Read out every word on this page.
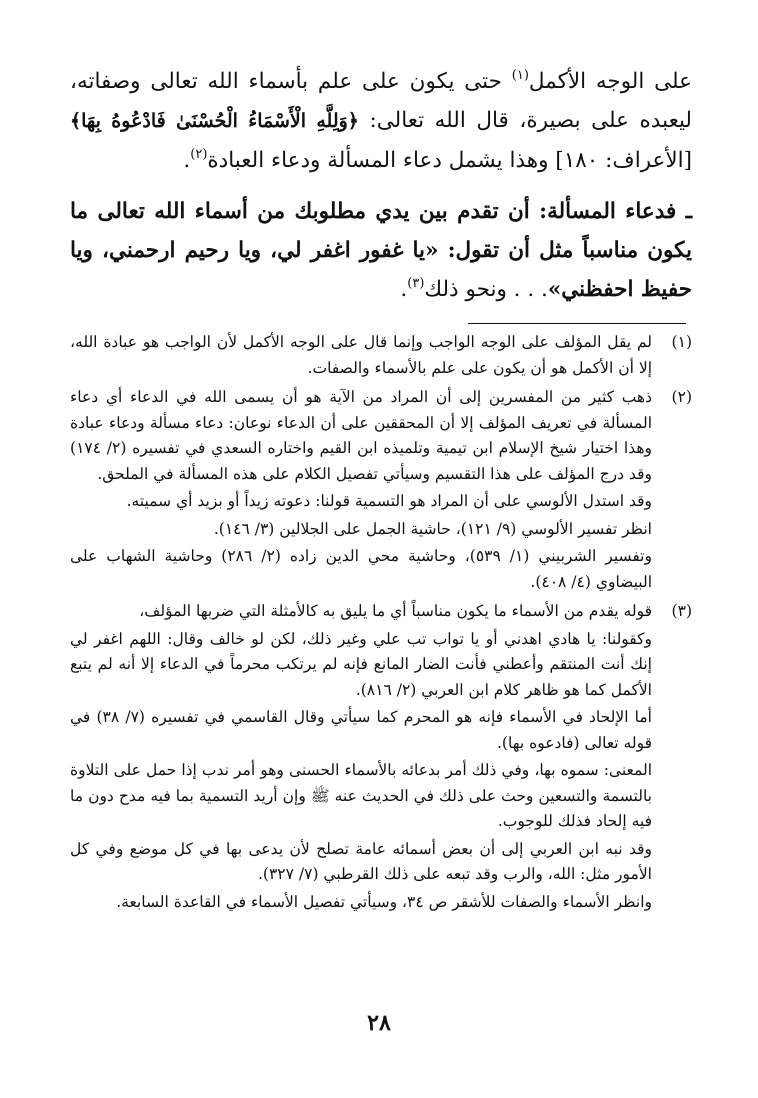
على الوجه الأكمل$^{(١)}$ حتى يكون على علم بأسماء الله تعالى وصفاته، ليعبده على بصيرة، قال الله تعالى: ﴿وَلِلَّهِ الْأَسْمَاءُ الْحُسْنَىٰ فَادْعُوهُ بِهَا﴾ [الأعراف: ١٨٠] وهذا يشمل دعاء المسألة ودعاء العبادة$^{(٢)}$.

ـ فدعاء المسألة: أن تقدم بين يدي مطلوبك من أسماء الله تعالى ما يكون مناسباً مثل أن تقول: «يا غفور اغفر لي، ويا رحيم ارحمني، ويا حفيظ احفظني». . . ونحو ذلك$^{(٣)}$.

(١)

لم يقل المؤلف على الوجه الواجب وإنما قال على الوجه الأكمل لأن الواجب هو عبادة الله، إلا أن الأكمل هو أن يكون على علم بالأسماء والصفات.

(٢)

ذهب كثير من المفسرين إلى أن المراد من الآية هو أن يسمى الله في الدعاء أي دعاء المسألة في تعريف المؤلف إلا أن المحققين على أن الدعاء نوعان: دعاء مسألة ودعاء عبادة وهذا اختيار شيخ الإسلام ابن تيمية وتلميذه ابن القيم واختاره السعدي في تفسيره (٢/ ١٧٤) وقد درج المؤلف على هذا التقسيم وسيأتي تفصيل الكلام على هذه المسألة في الملحق.

وقد استدل الألوسي على أن المراد هو التسمية قولنا: دعوته زيداً أو بزيد أي سميته.

انظر تفسير الألوسي (٩/ ١٢١)، حاشية الجمل على الجلالين (٣/ ١٤٦).

وتفسير الشربيني (١/ ٥٣٩)، وحاشية محي الدين زاده (٢/ ٢٨٦) وحاشية الشهاب على البيضاوي (٤/ ٤٠٨).

(٣)

قوله يقدم من الأسماء ما يكون مناسباً أي ما يليق به كالأمثلة التي ضربها المؤلف،

وكقولنا: يا هادي اهدني أو يا تواب تب علي وغير ذلك، لكن لو خالف وقال: اللهم اغفر لي إنك أنت المنتقم وأعطني فأنت الضار المانع فإنه لم يرتكب محرماً في الدعاء إلا أنه لم يتبع الأكمل كما هو ظاهر كلام ابن العربي (٢/ ٨١٦).

أما الإلحاد في الأسماء فإنه هو المحرم كما سيأتي وقال القاسمي في تفسيره (٧/ ٣٨) في قوله تعالى (فادعوه بها).

المعنى: سموه بها، وفي ذلك أمر بدعائه بالأسماء الحسنى وهو أمر ندب إذا حمل على التلاوة بالتسمة والتسعين وحث على ذلك في الحديث عنه ﷺ وإن أريد التسمية بما فيه مدح دون ما فيه إلحاد فذلك للوجوب.

وقد نبه ابن العربي إلى أن بعض أسمائه عامة تصلح لأن يدعى بها في كل موضع وفي كل الأمور مثل: الله، والرب وقد تبعه على ذلك القرطبي (٧/ ٣٢٧).

وانظر الأسماء والصفات للأشقر ص ٣٤، وسيأتي تفصيل الأسماء في القاعدة السابعة.

٢٨
